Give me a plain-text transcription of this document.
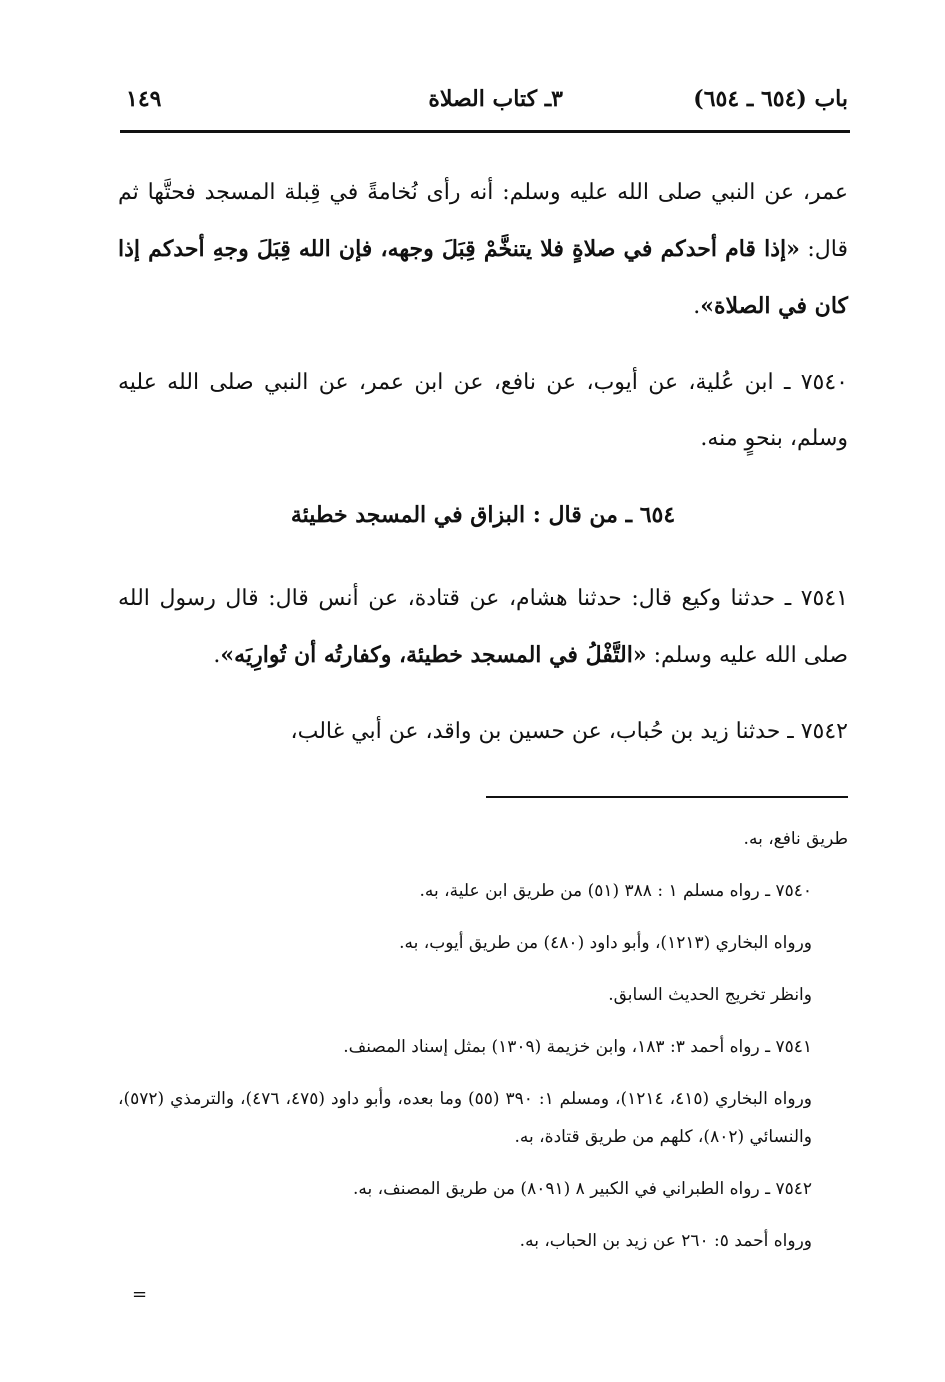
باب (٦٥٤ ـ ٦٥٤)
٣ـ كتاب الصلاة
١٤٩

عمر، عن النبي صلى الله عليه وسلم: أنه رأى نُخامةً في قِبلة المسجد فحتَّها ثم قال: «إذا قام أحدكم في صلاةٍ فلا يتنخَّمْ قِبَلَ وجهه، فإن الله قِبَلَ وجهِ أحدكم إذا كان في الصلاة».

٧٥٤٠ ـ ابن عُلية، عن أيوب، عن نافع، عن ابن عمر، عن النبي صلى الله عليه وسلم، بنحوٍ منه.

٦٥٤ ـ من قال : البزاق في المسجد خطيئة

٧٥٤١ ـ حدثنا وكيع قال: حدثنا هشام، عن قتادة، عن أنس قال: قال رسول الله صلى الله عليه وسلم: «التَّفْلُ في المسجد خطيئة، وكفارتُه أن تُوارِيَه».

٧٥٤٢ ـ حدثنا زيد بن حُباب، عن حسين بن واقد، عن أبي غالب،

طريق نافع، به.

٧٥٤٠ ـ رواه مسلم ١ : ٣٨٨ (٥١) من طريق ابن علية، به.

ورواه البخاري (١٢١٣)، وأبو داود (٤٨٠) من طريق أيوب، به.

وانظر تخريج الحديث السابق.

٧٥٤١ ـ رواه أحمد ٣: ١٨٣، وابن خزيمة (١٣٠٩) بمثل إسناد المصنف.

ورواه البخاري (٤١٥، ١٢١٤)، ومسلم ١: ٣٩٠ (٥٥) وما بعده، وأبو داود (٤٧٥، ٤٧٦)، والترمذي (٥٧٢)، والنسائي (٨٠٢)، كلهم من طريق قتادة، به.

٧٥٤٢ ـ رواه الطبراني في الكبير ٨ (٨٠٩١) من طريق المصنف، به.

ورواه أحمد ٥: ٢٦٠ عن زيد بن الحباب، به.

=
